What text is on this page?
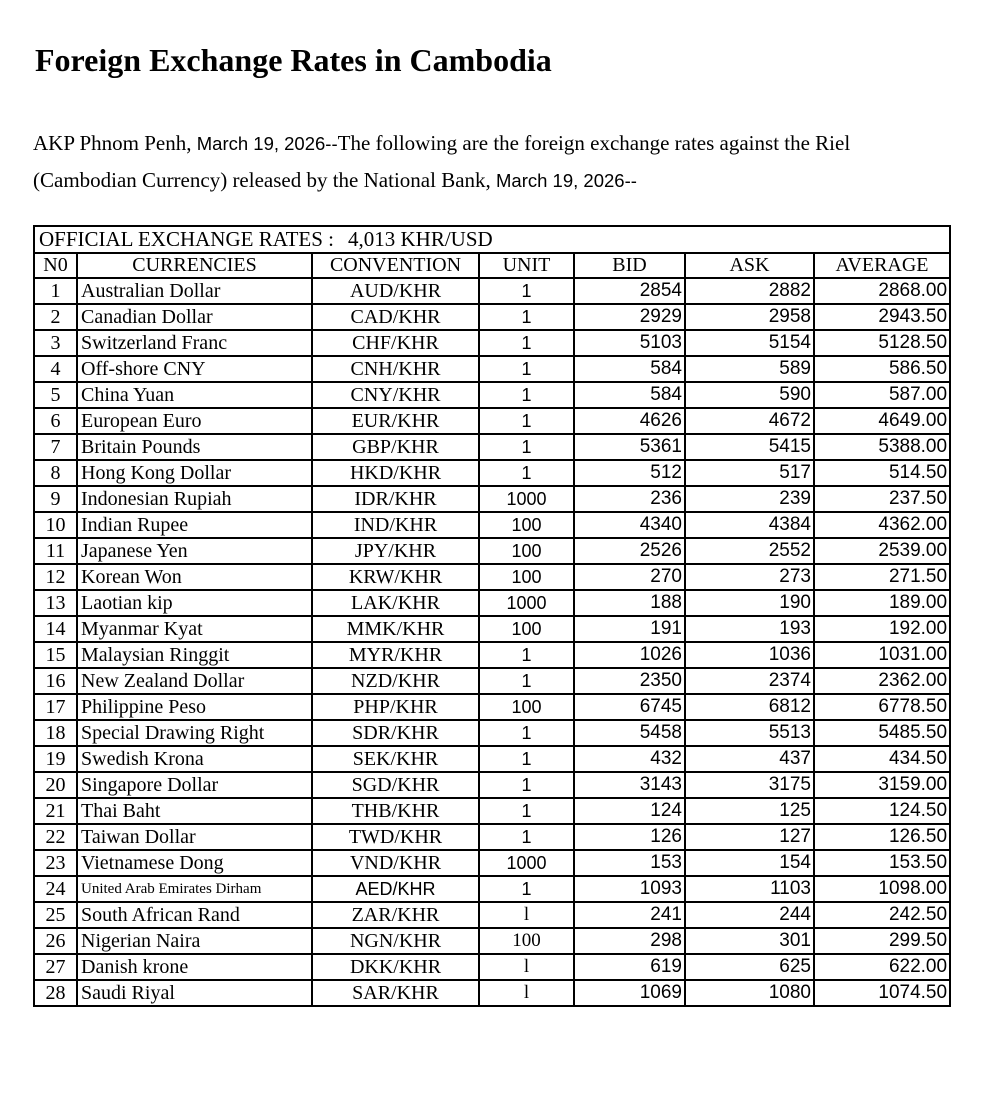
Foreign Exchange Rates in Cambodia

AKP Phnom Penh, March 19, 2026--The following are the foreign exchange rates against the Riel (Cambodian Currency) released by the National Bank, March 19, 2026--

OFFICIAL EXCHANGE RATES : 4,013 KHR/USD						
N0	CURRENCIES	CONVENTION	UNIT	BID	ASK	AVERAGE
1	Australian Dollar	AUD/KHR	1	2854	2882	2868.00
2	Canadian Dollar	CAD/KHR	1	2929	2958	2943.50
3	Switzerland Franc	CHF/KHR	1	5103	5154	5128.50
4	Off-shore CNY	CNH/KHR	1	584	589	586.50
5	China Yuan	CNY/KHR	1	584	590	587.00
6	European Euro	EUR/KHR	1	4626	4672	4649.00
7	Britain Pounds	GBP/KHR	1	5361	5415	5388.00
8	Hong Kong Dollar	HKD/KHR	1	512	517	514.50
9	Indonesian Rupiah	IDR/KHR	1000	236	239	237.50
10	Indian Rupee	IND/KHR	100	4340	4384	4362.00
11	Japanese Yen	JPY/KHR	100	2526	2552	2539.00
12	Korean Won	KRW/KHR	100	270	273	271.50
13	Laotian kip	LAK/KHR	1000	188	190	189.00
14	Myanmar Kyat	MMK/KHR	100	191	193	192.00
15	Malaysian Ringgit	MYR/KHR	1	1026	1036	1031.00
16	New Zealand Dollar	NZD/KHR	1	2350	2374	2362.00
17	Philippine Peso	PHP/KHR	100	6745	6812	6778.50
18	Special Drawing Right	SDR/KHR	1	5458	5513	5485.50
19	Swedish Krona	SEK/KHR	1	432	437	434.50
20	Singapore Dollar	SGD/KHR	1	3143	3175	3159.00
21	Thai Baht	THB/KHR	1	124	125	124.50
22	Taiwan Dollar	TWD/KHR	1	126	127	126.50
23	Vietnamese Dong	VND/KHR	1000	153	154	153.50
24	United Arab Emirates Dirham	AED/KHR	1	1093	1103	1098.00
25	South African Rand	ZAR/KHR	l	241	244	242.50
26	Nigerian Naira	NGN/KHR	100	298	301	299.50
27	Danish krone	DKK/KHR	l	619	625	622.00
28	Saudi Riyal	SAR/KHR	l	1069	1080	1074.50
